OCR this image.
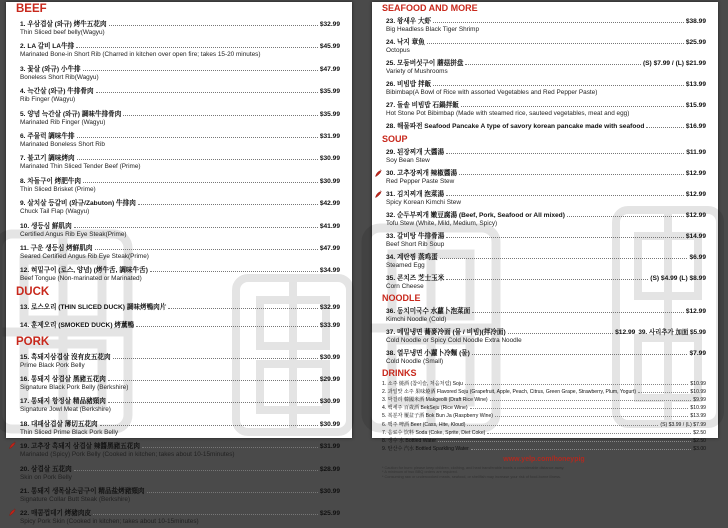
BEEF
1. 우삼겹살 (와규) 烤牛五花肉	$32.99
Thin Sliced beef belly(Wagyu)
2. LA 갈비 LA牛排	$45.99
Marinated Bone-in Short Rib (Charred in kitchen over open fire; takes 15-20 minutes)
3. 꽃살 (와규) 小牛排	$47.99
Boneless Short Rib(Wagyu)
4. 늑간살 (와규) 牛排骨肉	$35.99
Rib Finger (Wagyu)
5. 양념 늑간살 (와규) 調味牛排骨肉	$35.99
Marinated Rib Finger (Wagyu)
6. 주물럭 調味牛排	$31.99
Marinated Boneless Short Rib
7. 불고기 調味烤肉	$30.99
Marinated Thin Sliced Tender Beef (Prime)
8. 차돌구이 烤肥牛肉	$30.99
Thin Sliced Brisket (Prime)
9. 살치살 등갈비 (와규/Zabuton) 牛排肉	$42.99
Chuck Tail Flap (Wagyu)
10. 생등심 鮮肌肉	$41.99
Certified Angus Rib Eye Steak(Prime)
11. 구운 생등심 烤鮮肌肉	$47.99
Seared Certified Angus Rib Eye Steak(Prime)
12. 혀밑구이 (로스, 양념) (烤牛舌, 調味牛舌)	$34.99
Beef Tongue (Non-marinated or Marinated)
DUCK
13. 로스오리 (THIN SLICED DUCK) 調味烤鴨肉片	$32.99
14. 훈제오리 (SMOKED DUCK) 烤薰鴨	$33.99
PORK
15. 흑돼지삼겹살 沒有皮五花肉	$30.99
Prime Black Pork Belly
16. 통돼지 삼겹살 黑豬五花肉	$29.99
Signature Black Pork Belly (Berkshire)
17. 통돼지 항정살 精品豬頸肉	$30.99
Signature Jowl Meat (Berkshire)
18. 대패삼겹살 薄切五花肉	$30.99
Thin Sliced Prime Black Pork Belly
19. 고추장 흑돼지 삼겹살 辣醬黑豬五花肉	$31.99
Marinated (Spicy) Pork Belly (Cooked in kitchen; takes about 10-15minutes)
20. 삼겹살 五花肉	$28.99
Skin on Pork Belly
21. 통돼지 생목살소금구이 精品盐烤豬頸肉	$30.99
Signature Collar Butt Steak (Berkshire)
22. 매콤껍데기 烤豬肉皮	$25.99
Spicy Pork Skin (Cooked in kitchen; takes about 10-15minutes)
SEAFOOD AND MORE
23. 왕새우 大虾	$38.99
Big Headless Black Tiger Shrimp
24. 낙지 章魚	$25.99
Octopus
25. 모둠버섯구이 蘑菇拼盘	(S) $7.99 / (L) $21.99
Variety of Mushrooms
26. 비빔밥 拌飯	$13.99
Bibimbap(A Bowl of Rice with assorted Vegetables and Red Pepper Paste)
27. 돌솥 비빔밥 石鍋拌飯	$15.99
Hot Stone Pot Bibimbap (Made with steamed rice, sauteed vegetables, meat and egg)
28. 해물파전 Seafood Pancake A type of savory korean pancake made with seafood	$16.99
SOUP
29. 된장찌개 大醬湯	$11.99
Soy Bean Stew
30. 고추장찌개 辣椒醬湯	$12.99
Red Pepper Paste Stew
31. 김치찌개 泡菜湯	$12.99
Spicy Korean Kimchi Stew
32. 순두부찌개 嫩豆腐湯 (Beef, Pork, Seafood or All mixed)	$12.99
Tofu Stew (White, Mild, Medium, Spicy)
33. 갈비탕 牛排骨湯	$14.99
Beef Short Rib Soup
34. 계란찜 蒸鸡蛋	$6.99
Steamed Egg
35. 콘치즈 芝士玉米	(S) $4.99 (L) $8.99
Corn Cheese
NOODLE
36. 동치미국수 水蘿卜泡菜面	$12.99
Kimchi Noodle (Cold)
37. 메밀냉면 蕎麥冷面 (물 / 비빔)(拌冷面)	$12.99 39. 사리추가 加面 $5.99
Cold Noodle or Spicy Cold Noodle Extra Noodle
38. 열무냉면 小蘿卜冷麵 (물)	$7.99
Cold Noodle (Small)
DRINKS
1. 소주 燒酒 (참이슬, 처음처럼) Soju	$10.99
2. 과일맛 소주 果味燒酒 Flavored Soju (Grapefruit, Apple, Peach, Citrus, Green Grape, Strawberry, Plum, Yogurt)	$10.99
3. 막걸리 韓國米酒 Makgeolli (Draft Rice Wine)	$9.99
4. 백세주 百歲酒 BekSeju (Rice Wine)	$10.99
5. 복분자 覆盆子酒 Bok Bun Ja (Raspberry Wine)	$13.99
6. 맥주 啤酒 Beer (Cass, Hite, Kloud)	(S) $3.99 / (L) $7.99
7. 음료수 饮料 Soda (Coke, Sprite, Diet Coke)	$2.50
8. 생수 水 Bottled Water	$2.50
9. 탄산수 汽水 Bottled Sparkling Water	$3.00
www.yelp.com/honeypig
* Caution for burn: please keep children, clothing, and heat transferable bowls a considerable distance away.
* A minimum of two BBQ orders are required.
* Consuming raw or undercooked meats, seafood, or shellfish may increase your risk of food-borne illness.
